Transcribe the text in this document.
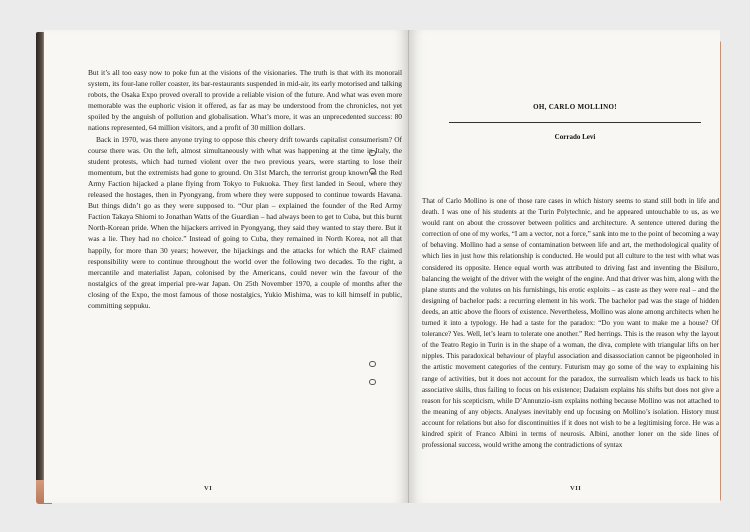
But it’s all too easy now to poke fun at the visions of the visionaries. The truth is that with its monorail system, its four-lane roller coaster, its bar-restaurants suspended in mid-air, its early motorised and talking robots, the Osaka Expo proved overall to provide a reliable vision of the future. And what was even more memorable was the euphoric vision it offered, as far as may be understood from the chronicles, not yet spoiled by the anguish of pollution and globalisation. What’s more, it was an unprecedented success: 80 nations represented, 64 million visitors, and a profit of 30 million dollars.

Back in 1970, was there anyone trying to oppose this cheery drift towards capitalist consumerism? Of course there was. On the left, almost simultaneously with what was happening at the time in Italy, the student protests, which had turned violent over the two previous years, were starting to lose their momentum, but the extremists had gone to ground. On 31st March, the terrorist group known as the Red Army Faction hijacked a plane flying from Tokyo to Fukuoka. They first landed in Seoul, where they released the hostages, then in Pyongyang, from where they were supposed to continue towards Havana. But things didn’t go as they were supposed to. “Our plan – explained the founder of the Red Army Faction Takaya Shiomi to Jonathan Watts of the Guardian – had always been to get to Cuba, but this burnt North-Korean pride. When the hijackers arrived in Pyongyang, they said they wanted to stay there. But it was a lie. They had no choice.” Instead of going to Cuba, they remained in North Korea, not all that happily, for more than 30 years; however, the hijackings and the attacks for which the RAF claimed responsibility were to continue throughout the world over the following two decades. To the right, a mercantile and materialist Japan, colonised by the Americans, could never win the favour of the nostalgics of the great imperial pre-war Japan. On 25th November 1970, a couple of months after the closing of the Expo, the most famous of those nostalgics, Yukio Mishima, was to kill himself in public, committing seppuku.

VI
OH, CARLO MOLLINO!
Corrado Levi

That of Carlo Mollino is one of those rare cases in which history seems to stand still both in life and death. I was one of his students at the Turin Polytechnic, and he appeared untouchable to us, as we would rant on about the crossover between politics and architecture. A sentence uttered during the correction of one of my works, “I am a vector, not a force,” sank into me to the point of becoming a way of behaving. Mollino had a sense of contamination between life and art, the methodological quality of which lies in just how this relationship is conducted. He would put all culture to the test with what was considered its opposite. Hence equal worth was attributed to driving fast and inventing the Bisiluro, balancing the weight of the driver with the weight of the engine. And that driver was him, along with the plane stunts and the volutes on his furnishings, his erotic exploits – as caste as they were real – and the designing of bachelor pads: a recurring element in his work. The bachelor pad was the stage of hidden deeds, an attic above the floors of existence. Nevertheless, Mollino was alone among architects when he turned it into a typology. He had a taste for the paradox: “Do you want to make me a house? Of tolerance? Yes. Well, let’s learn to tolerate one another.” Red herrings. This is the reason why the layout of the Teatro Regio in Turin is in the shape of a woman, the diva, complete with triangular lifts on her nipples. This paradoxical behaviour of playful association and disassociation cannot be pigeonholed in the artistic movement categories of the century. Futurism may go some of the way to explaining his range of activities, but it does not account for the paradox, the surrealism which leads us back to his associative skills, thus failing to focus on his existence; Dadaism explains his shifts but does not give a reason for his scepticism, while D’Annunzio-ism explains nothing because Mollino was not attached to the meaning of any objects. Analyses inevitably end up focusing on Mollino’s isolation. History must account for relations but also for discontinuities if it does not wish to be a legitimising force. He was a kindred spirit of Franco Albini in terms of neurosis. Albini, another loner on the side lines of professional success, would writhe among the contradictions of syntax

VII
